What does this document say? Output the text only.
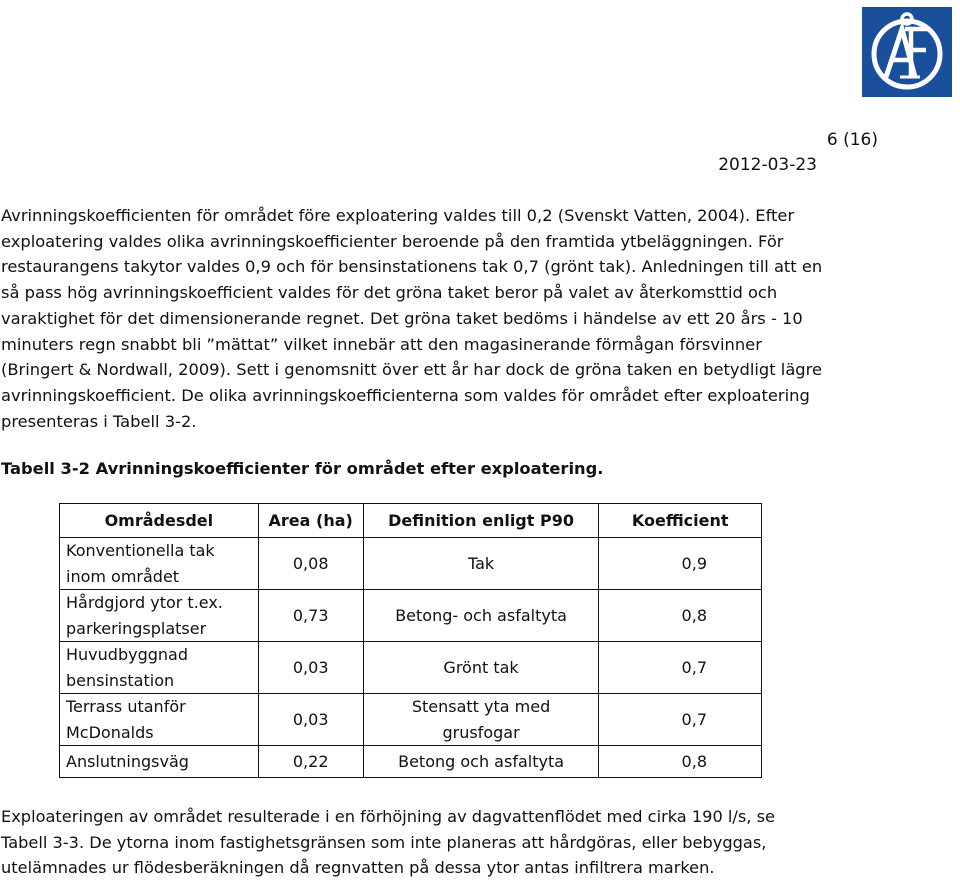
6 (16)
2012-03-23

Avrinningskoefficienten för området före exploatering valdes till 0,2 (Svenskt Vatten, 2004). Efter exploatering valdes olika avrinningskoefficienter beroende på den framtida ytbeläggningen. För restaurangens takytor valdes 0,9 och för bensinstationens tak 0,7 (grönt tak). Anledningen till att en så pass hög avrinningskoefficient valdes för det gröna taket beror på valet av återkomsttid och varaktighet för det dimensionerande regnet. Det gröna taket bedöms i händelse av ett 20 års - 10 minuters regn snabbt bli ”mättat” vilket innebär att den magasinerande förmågan försvinner (Bringert & Nordwall, 2009). Sett i genomsnitt över ett år har dock de gröna taken en betydligt lägre avrinningskoefficient. De olika avrinningskoefficienterna som valdes för området efter exploatering presenteras i Tabell 3-2.

Tabell 3-2 Avrinningskoefficienter för området efter exploatering.

Områdesdel	Area (ha)	Definition enligt P90	Koefficient
Konventionella tak inom området	0,08	Tak	0,9
Hårdgjord ytor t.ex. parkeringsplatser	0,73	Betong- och asfaltyta	0,8
Huvudbyggnad bensinstation	0,03	Grönt tak	0,7
Terrass utanför McDonalds	0,03	Stensatt yta med grusfogar	0,7
Anslutningsväg	0,22	Betong och asfaltyta	0,8

Exploateringen av området resulterade i en förhöjning av dagvattenflödet med cirka 190 l/s, se Tabell 3-3. De ytorna inom fastighetsgränsen som inte planeras att hårdgöras, eller bebyggas, utelämnades ur flödesberäkningen då regnvatten på dessa ytor antas infiltrera marken.
